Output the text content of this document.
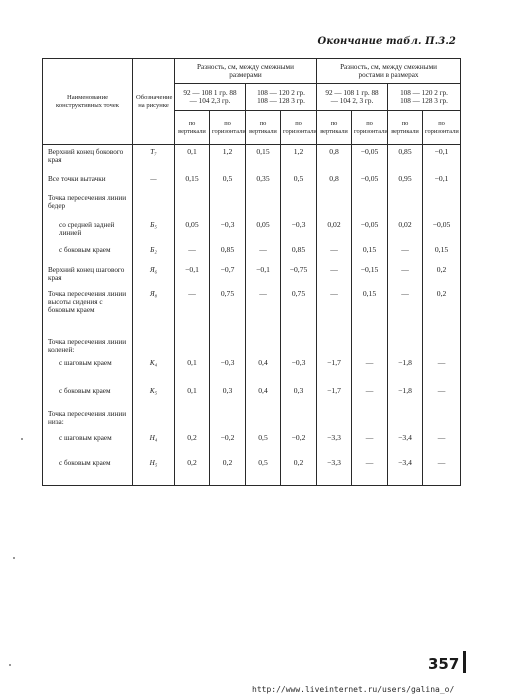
Окончание табл. П.3.2
Наименование конструктивных точек	Обозначение на рисунке	Разность, см, между смежными размерами				Разность, см, между смежными ростами в размерах			
		92 — 108 1 гр. 88 — 104 2,3 гр.		108 — 120 2 гр. 108 — 128 3 гр.		92 — 108 1 гр. 88 — 104 2, 3 гр.		108 — 120 2 гр. 108 — 128 3 гр.	
		по вертикали	по горизонтали	по вертикали	по горизонтали	по вертикали	по горизонтали	по вертикали	по горизонтали
Верхний конец бокового края	Т₇	0,1	1,2	0,15	1,2	0,8	−0,05	0,85	−0,1
Все точки вытачки	—	0,15	0,5	0,35	0,5	0,8	−0,05	0,95	−0,1
Точка пересечения линии бедер									
со средней задней линией	Б₅	0,05	−0,3	0,05	−0,3	0,02	−0,05	0,02	−0,05
с боковым краем	Б₂	—	0,85	—	0,85	—	0,15	—	0,15
Верхний конец шагового края	Я₆	−0,1	−0,7	−0,1	−0,75	—	−0,15	—	0,2
Точка пересечения линии высоты сидения с боковым краем	Я₈	—	0,75	—	0,75	—	0,15	—	0,2
Точка пересечения линии коленей:									
с шаговым краем	К₄	0,1	−0,3	0,4	−0,3	−1,7	—	−1,8	—
с боковым краем	К₅	0,1	0,3	0,4	0,3	−1,7	—	−1,8	—
Точка пересечения линии низа:									
с шаговым краем	Н₄	0,2	−0,2	0,5	−0,2	−3,3	—	−3,4	—
с боковым краем	Н₅	0,2	0,2	0,5	0,2	−3,3	—	−3,4	—

357
http://www.liveinternet.ru/users/galina_o/
